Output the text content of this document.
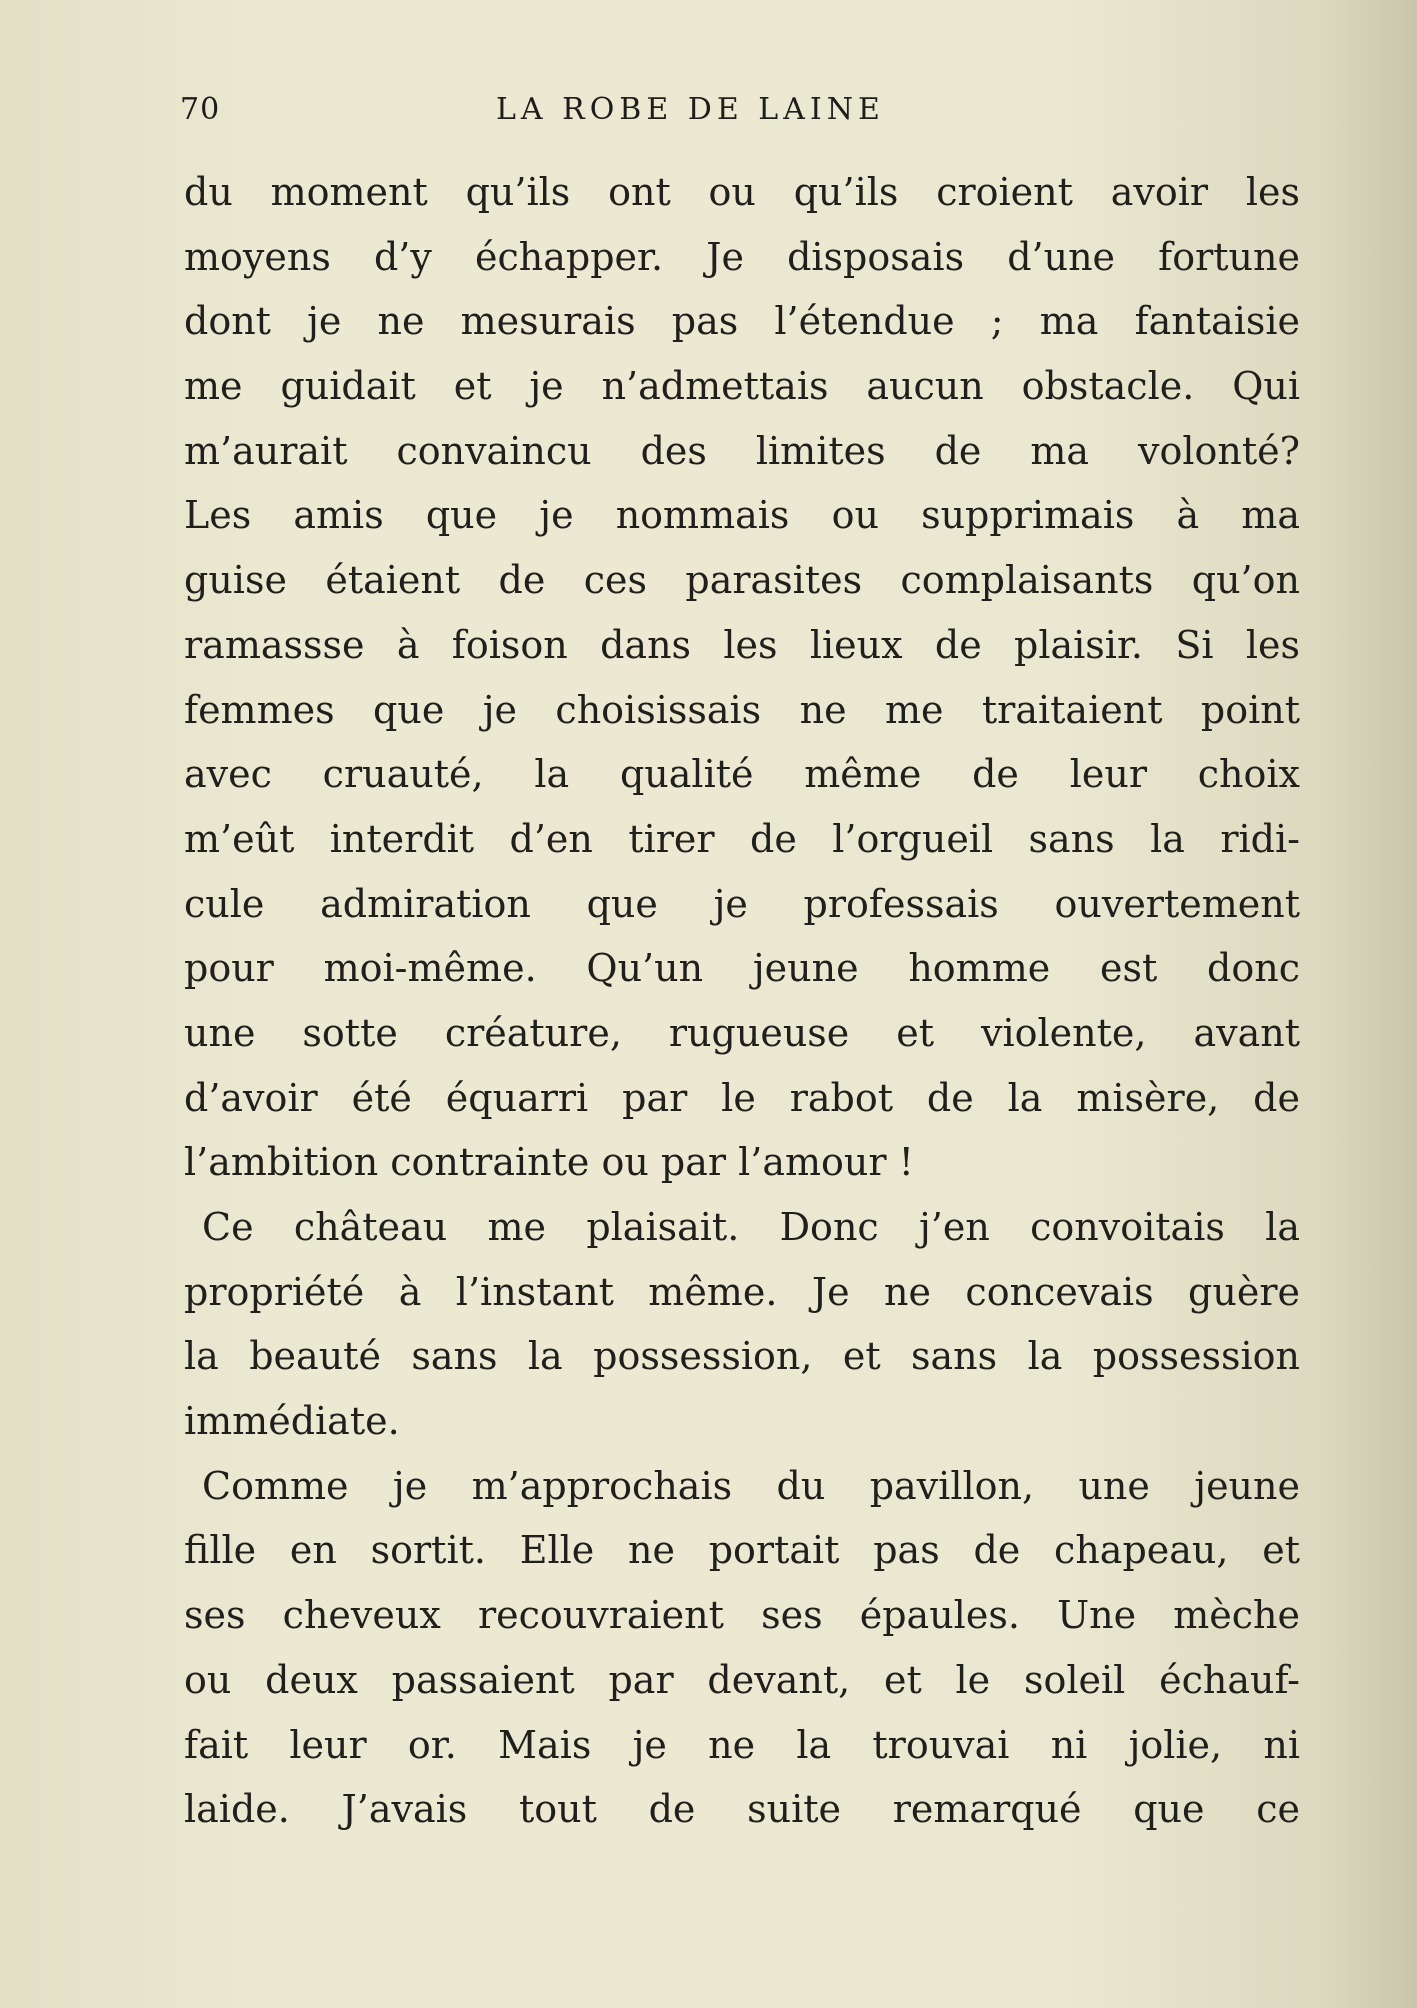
70	LA ROBE DE LAINE
du moment qu’ils ont ou qu’ils croient avoir les
moyens d’y échapper. Je disposais d’une fortune
dont je ne mesurais pas l’étendue ; ma fantaisie
me guidait et je n’admettais aucun obstacle. Qui
m’aurait convaincu des limites de ma volonté?
Les amis que je nommais ou supprimais à ma
guise étaient de ces parasites complaisants qu’on
ramassse à foison dans les lieux de plaisir. Si les
femmes que je choisissais ne me traitaient point
avec cruauté, la qualité même de leur choix
m’eût interdit d’en tirer de l’orgueil sans la ridi-
cule admiration que je professais ouvertement
pour moi-même. Qu’un jeune homme est donc
une sotte créature, rugueuse et violente, avant
d’avoir été équarri par le rabot de la misère, de
l’ambition contrainte ou par l’amour !
Ce château me plaisait. Donc j’en convoitais la
propriété à l’instant même. Je ne concevais guère
la beauté sans la possession, et sans la possession
immédiate.
Comme je m’approchais du pavillon, une jeune
fille en sortit. Elle ne portait pas de chapeau, et
ses cheveux recouvraient ses épaules. Une mèche
ou deux passaient par devant, et le soleil échauf-
fait leur or. Mais je ne la trouvai ni jolie, ni
laide. J’avais tout de suite remarqué que ce
